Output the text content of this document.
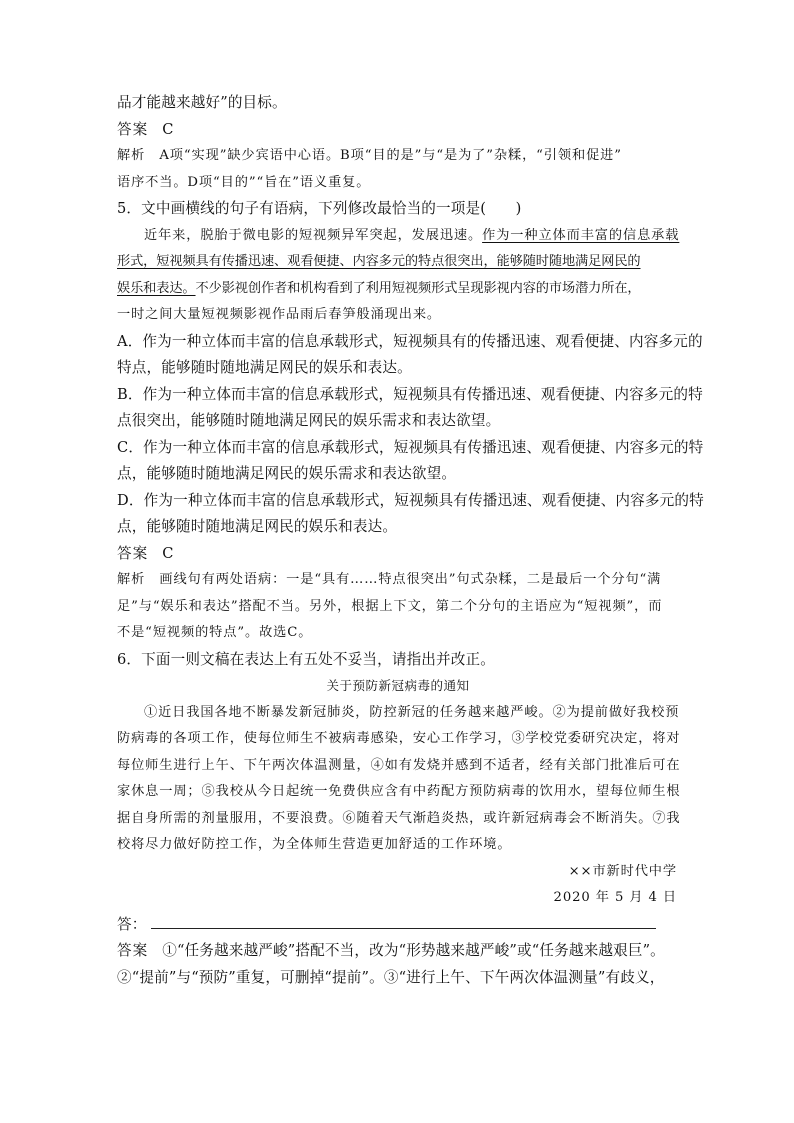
品才能越来越好”的目标。

答案 C

解析 A项“实现”缺少宾语中心语。B项“目的是”与“是为了”杂糅，“引领和促进”

语序不当。D项“目的”“旨在”语义重复。

5．文中画横线的句子有语病，下列修改最恰当的一项是(　　)

近年来，脱胎于微电影的短视频异军突起，发展迅速。作为一种立体而丰富的信息承载

形式，短视频具有传播迅速、观看便捷、内容多元的特点很突出，能够随时随地满足网民的

娱乐和表达。不少影视创作者和机构看到了利用短视频形式呈现影视内容的市场潜力所在，

一时之间大量短视频影视作品雨后春笋般涌现出来。

A．作为一种立体而丰富的信息承载形式，短视频具有的传播迅速、观看便捷、内容多元的

特点，能够随时随地满足网民的娱乐和表达。

B．作为一种立体而丰富的信息承载形式，短视频具有传播迅速、观看便捷、内容多元的特

点很突出，能够随时随地满足网民的娱乐需求和表达欲望。

C．作为一种立体而丰富的信息承载形式，短视频具有传播迅速、观看便捷、内容多元的特

点，能够随时随地满足网民的娱乐需求和表达欲望。

D．作为一种立体而丰富的信息承载形式，短视频具有传播迅速、观看便捷、内容多元的特

点，能够随时随地满足网民的娱乐和表达。

答案 C

解析 画线句有两处语病：一是“具有……特点很突出”句式杂糅，二是最后一个分句“满

足”与“娱乐和表达”搭配不当。另外，根据上下文，第二个分句的主语应为“短视频”，而

不是“短视频的特点”。故选C。

6．下面一则文稿在表达上有五处不妥当，请指出并改正。

关于预防新冠病毒的通知

①近日我国各地不断暴发新冠肺炎，防控新冠的任务越来越严峻。②为提前做好我校预

防病毒的各项工作，使每位师生不被病毒感染，安心工作学习，③学校党委研究决定，将对

每位师生进行上午、下午两次体温测量，④如有发烧并感到不适者，经有关部门批准后可在

家休息一周；⑤我校从今日起统一免费供应含有中药配方预防病毒的饮用水，望每位师生根

据自身所需的剂量服用，不要浪费。⑥随着天气渐趋炎热，或许新冠病毒会不断消失。⑦我

校将尽力做好防控工作，为全体师生营造更加舒适的工作环境。

××市新时代中学

2020 年 5 月 4 日

答：

答案 ①“任务越来越严峻”搭配不当，改为“形势越来越严峻”或“任务越来越艰巨”。

②“提前”与“预防”重复，可删掉“提前”。③“进行上午、下午两次体温测量”有歧义，
